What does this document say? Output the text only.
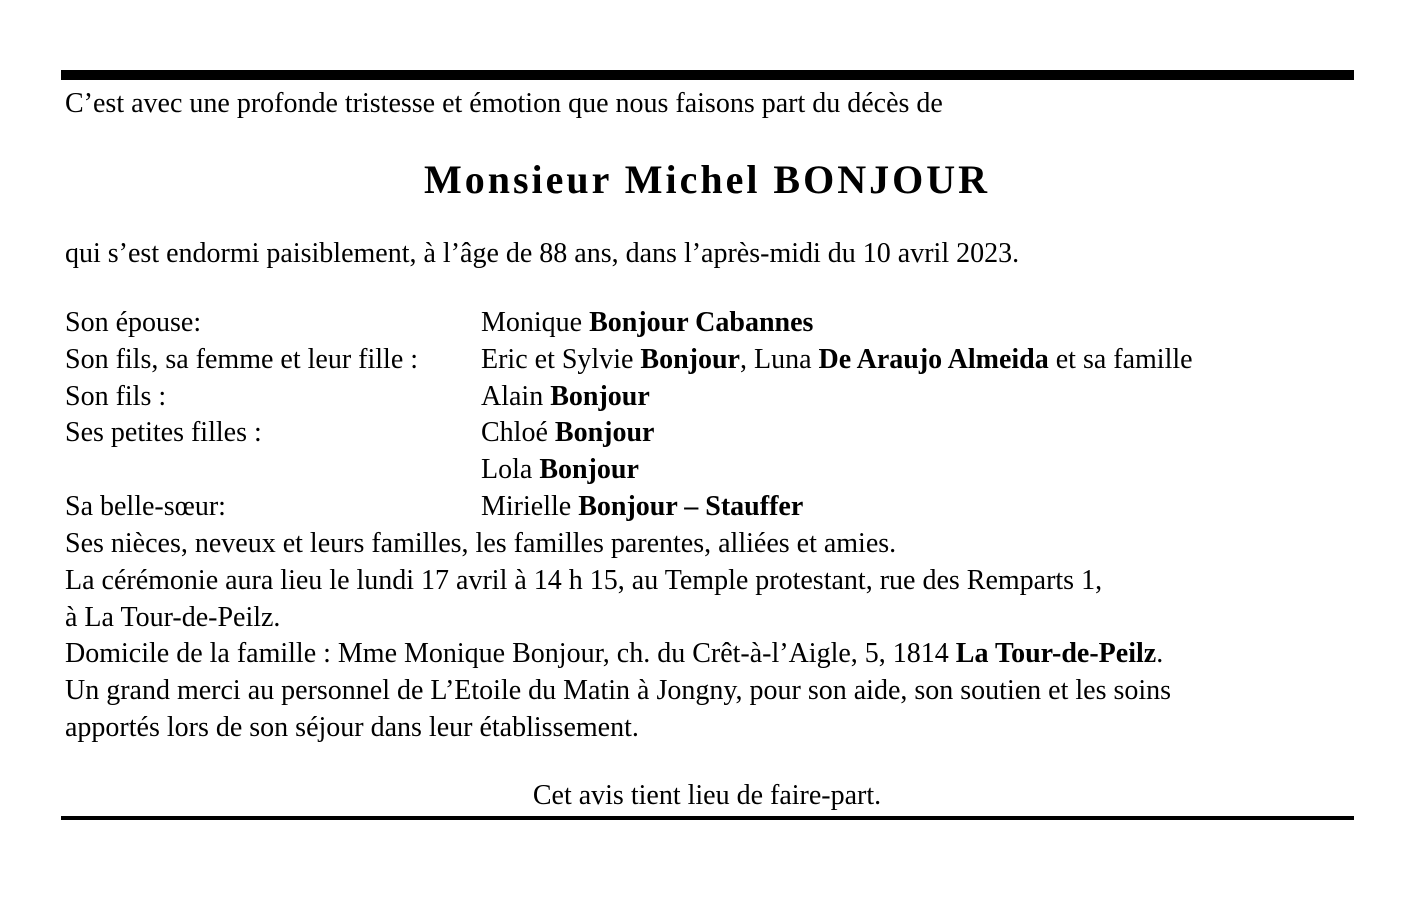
C’est avec une profonde tristesse et émotion que nous faisons part du décès de
Monsieur Michel BONJOUR
qui s’est endormi paisiblement, à l’âge de 88 ans, dans l’après-midi du 10 avril 2023.
Son épouse:	Monique Bonjour Cabannes
Son fils, sa femme et leur fille : Eric et Sylvie Bonjour, Luna De Araujo Almeida et sa famille
Son fils :	Alain Bonjour
Ses petites filles :	Chloé Bonjour
Lola Bonjour
Sa belle-sœur:	Mirielle Bonjour – Stauffer
Ses nièces, neveux et leurs familles, les familles parentes, alliées et amies.
La cérémonie aura lieu le lundi 17 avril à 14 h 15, au Temple protestant, rue des Remparts 1,
à La Tour-de-Peilz.
Domicile de la famille : Mme Monique Bonjour, ch. du Crêt-à-l’Aigle, 5, 1814 La Tour-de-Peilz.
Un grand merci au personnel de L’Etoile du Matin à Jongny, pour son aide, son soutien et les soins
apportés lors de son séjour dans leur établissement.
Cet avis tient lieu de faire-part.
